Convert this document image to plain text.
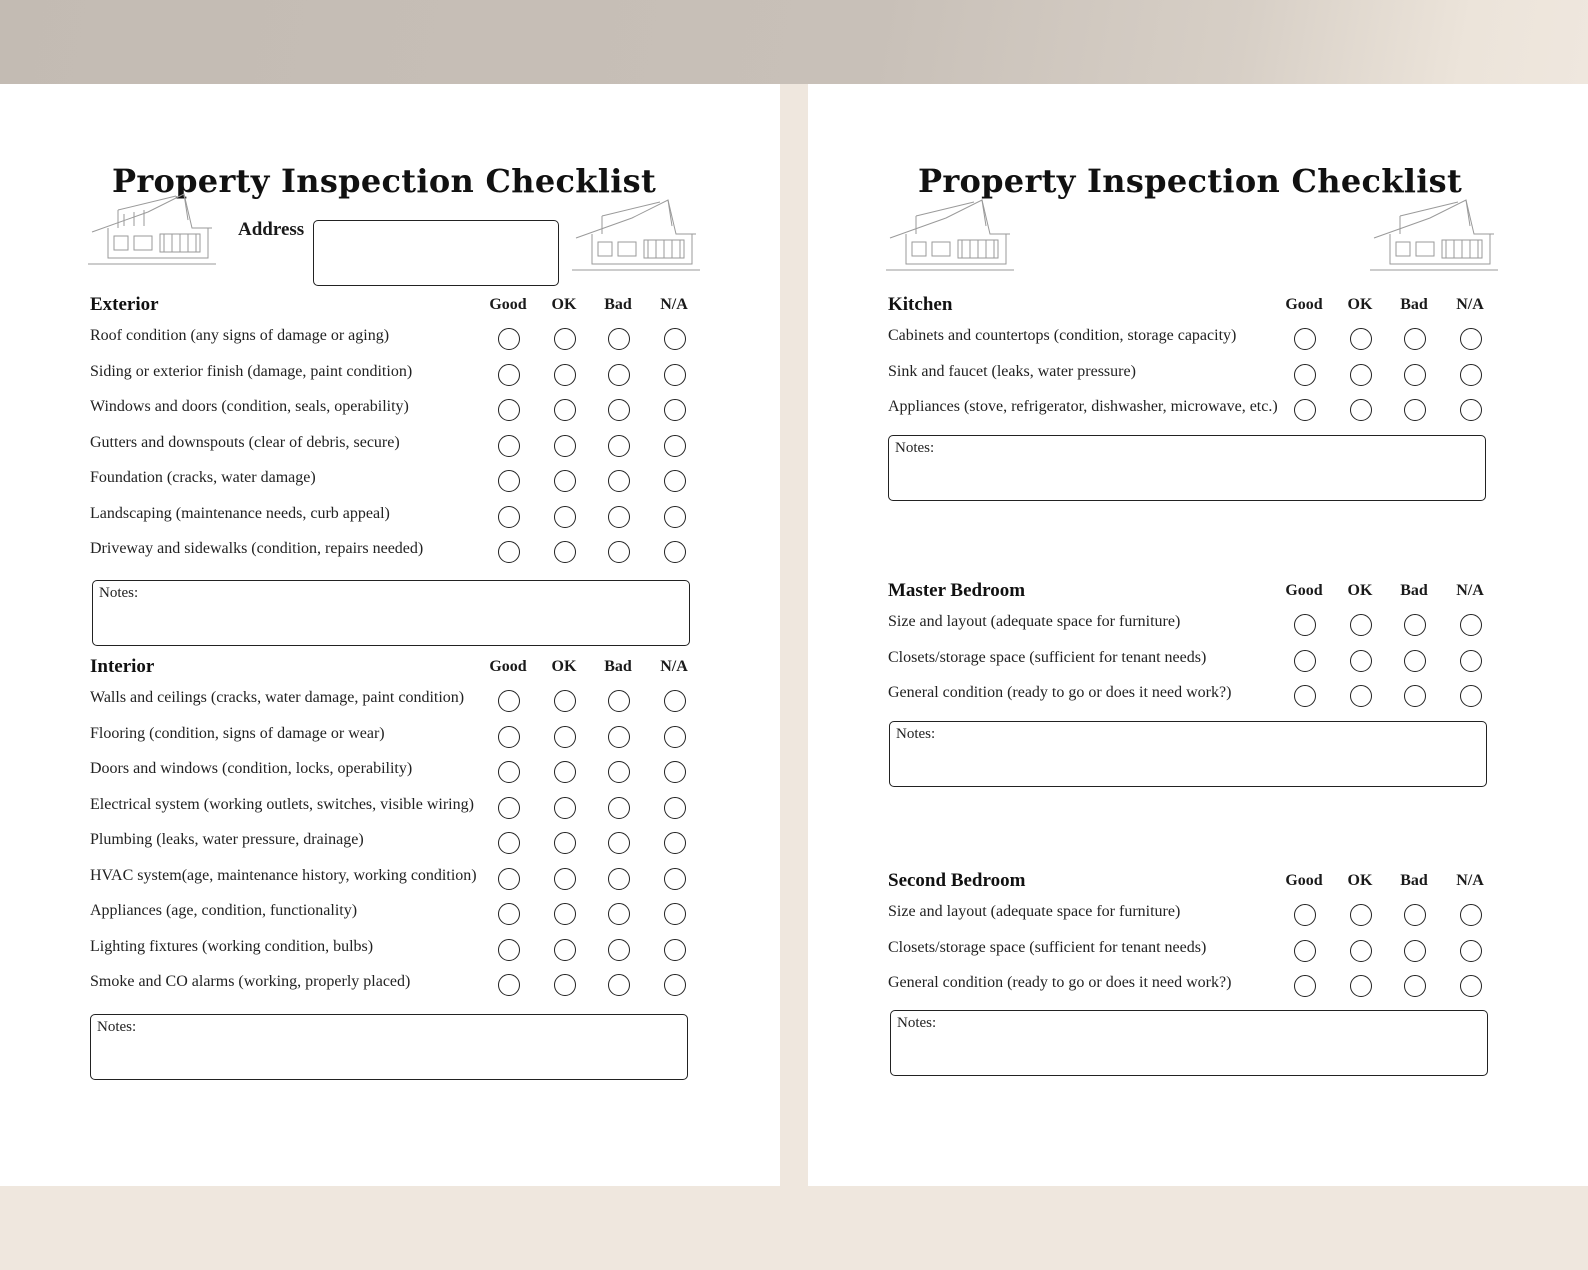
Property Inspection Checklist
Address
Exterior	Good	OK	Bad	N/A
Roof condition (any signs of damage or aging)
Siding or exterior finish (damage, paint condition)
Windows and doors (condition, seals, operability)
Gutters and downspouts (clear of debris, secure)
Foundation (cracks, water damage)
Landscaping (maintenance needs, curb appeal)
Driveway and sidewalks (condition, repairs needed)
Notes:
Interior	Good	OK	Bad	N/A
Walls and ceilings (cracks, water damage, paint condition)
Flooring (condition, signs of damage or wear)
Doors and windows (condition, locks, operability)
Electrical system (working outlets, switches, visible wiring)
Plumbing (leaks, water pressure, drainage)
HVAC system(age, maintenance history, working condition)
Appliances (age, condition, functionality)
Lighting fixtures (working condition, bulbs)
Smoke and CO alarms (working, properly placed)
Notes:
Property Inspection Checklist
Kitchen	Good	OK	Bad	N/A
Cabinets and countertops (condition, storage capacity)
Sink and faucet (leaks, water pressure)
Appliances (stove, refrigerator, dishwasher, microwave, etc.)
Notes:
Master Bedroom	Good	OK	Bad	N/A
Size and layout (adequate space for furniture)
Closets/storage space (sufficient for tenant needs)
General condition (ready to go or does it need work?)
Notes:
Second Bedroom	Good	OK	Bad	N/A
Size and layout (adequate space for furniture)
Closets/storage space (sufficient for tenant needs)
General condition (ready to go or does it need work?)
Notes:
